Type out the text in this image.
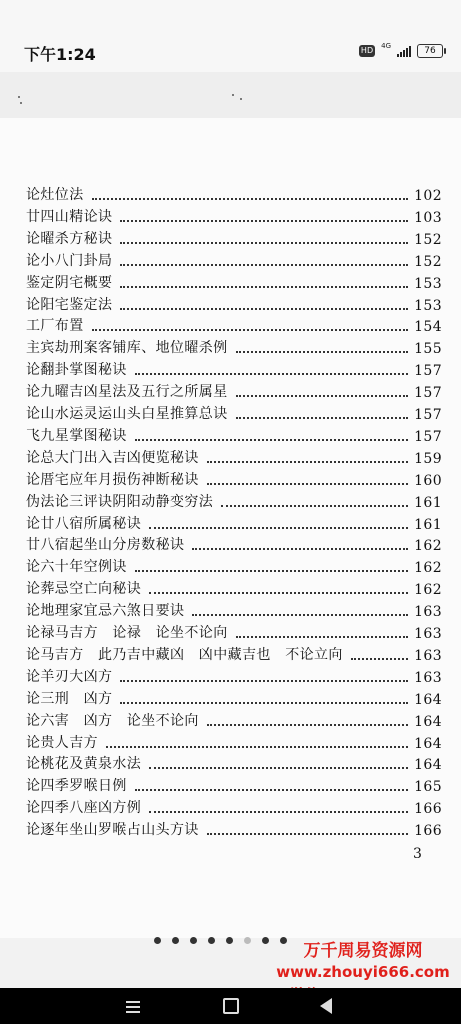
下午1:24	HD 4G	76
论灶位法	102
廿四山精论诀	103
论曜杀方秘诀	152
论小八门卦局	152
鉴定阴宅概要	153
论阳宅鉴定法	153
工厂布置	154
主宾劫刑案客铺库、地位曜杀例	155
论翻卦掌图秘诀	157
论九曜吉凶星法及五行之所属星	157
论山水运灵运山头白星推算总诀	157
飞九星掌图秘诀	157
论总大门出入吉凶便览秘诀	159
论厝宅应年月损伤神断秘诀	160
伪法论三评诀阴阳动静变穷法	161
论廿八宿所属秘诀	161
廿八宿起坐山分房数秘诀	162
论六十年空例诀	162
论葬忌空亡向秘诀	162
论地理家宜忌六煞日要诀	163
论禄马吉方　论禄　论坐不论向	163
论马吉方　此乃吉中藏凶　凶中藏吉也　不论立向	163
论羊刃大凶方	163
论三刑　凶方	164
论六害　凶方　论坐不论向	164
论贵人吉方	164
论桃花及黄泉水法	164
论四季罗喉日例	165
论四季八座凶方例	166
论逐年坐山罗喉占山头方诀	166
3
万千周易资源网
www.zhouyi666.com
